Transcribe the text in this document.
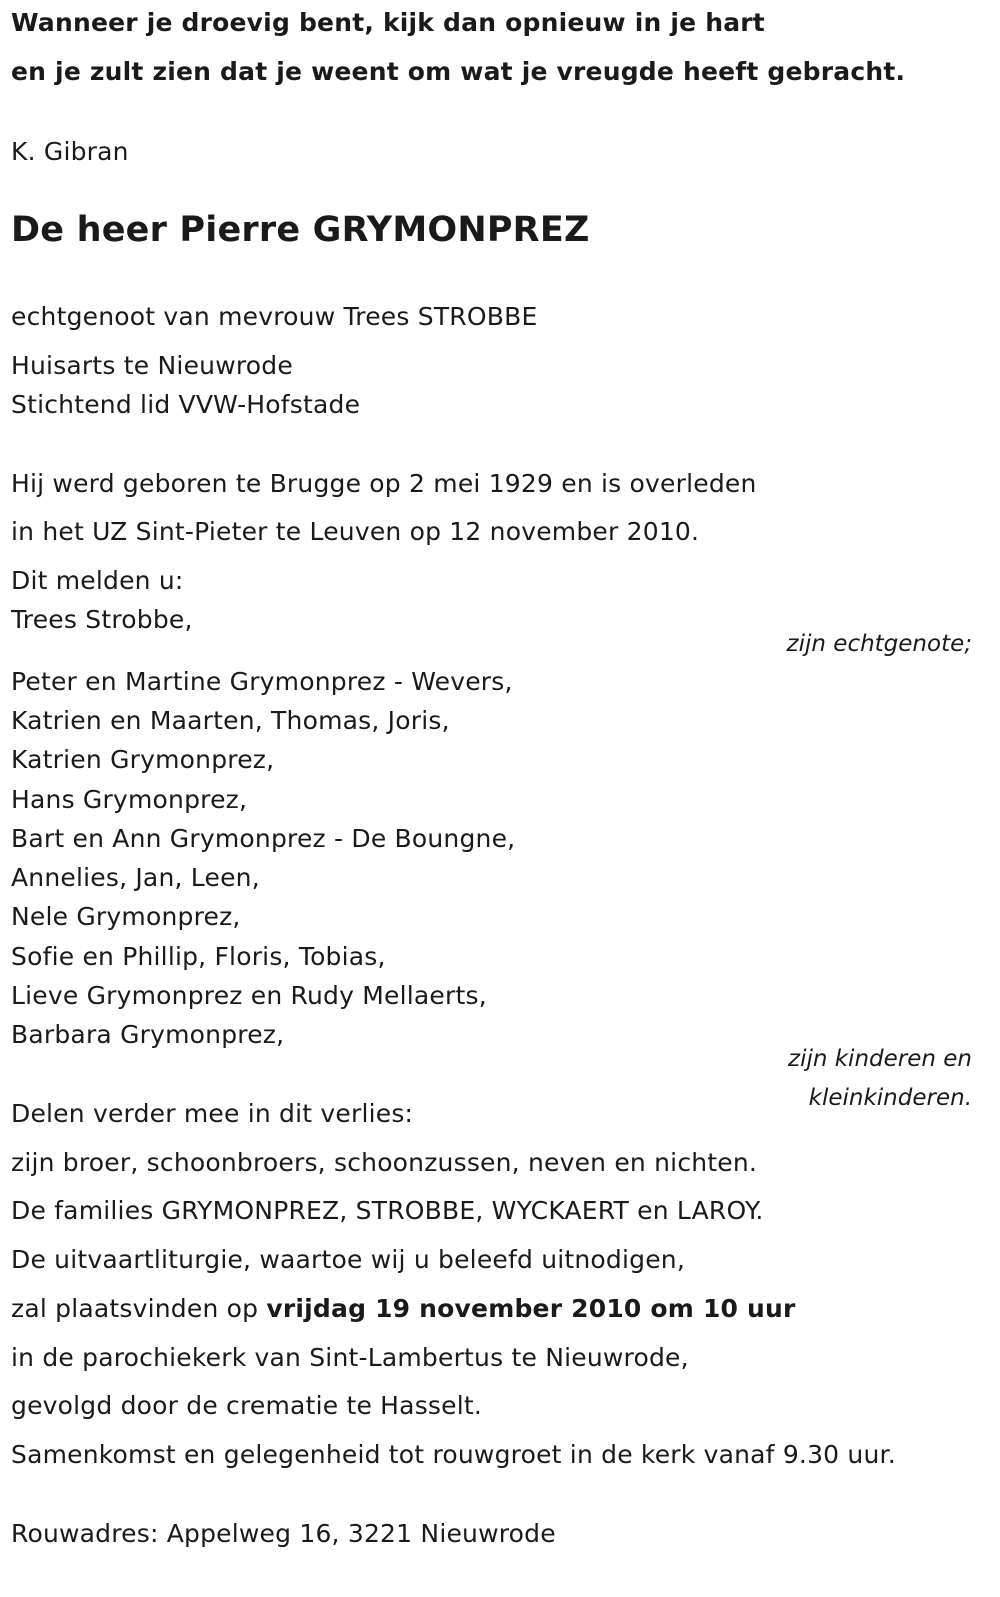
Wanneer je droevig bent, kijk dan opnieuw in je hart
en je zult zien dat je weent om wat je vreugde heeft gebracht.
K. Gibran
De heer Pierre GRYMONPREZ
echtgenoot van mevrouw Trees STROBBE
Huisarts te Nieuwrode
Stichtend lid VVW-Hofstade
Hij werd geboren te Brugge op 2 mei 1929 en is overleden
in het UZ Sint-Pieter te Leuven op 12 november 2010.
Dit melden u:
Trees Strobbe,
zijn echtgenote;
Peter en Martine Grymonprez - Wevers,
Katrien en Maarten, Thomas, Joris,
Katrien Grymonprez,
Hans Grymonprez,
Bart en Ann Grymonprez - De Boungne,
Annelies, Jan, Leen,
Nele Grymonprez,
Sofie en Phillip, Floris, Tobias,
Lieve Grymonprez en Rudy Mellaerts,
Barbara Grymonprez,
zijn kinderen en
kleinkinderen.
Delen verder mee in dit verlies:
zijn broer, schoonbroers, schoonzussen, neven en nichten.
De families GRYMONPREZ, STROBBE, WYCKAERT en LAROY.
De uitvaartliturgie, waartoe wij u beleefd uitnodigen,
zal plaatsvinden op vrijdag 19 november 2010 om 10 uur
in de parochiekerk van Sint-Lambertus te Nieuwrode,
gevolgd door de crematie te Hasselt.
Samenkomst en gelegenheid tot rouwgroet in de kerk vanaf 9.30 uur.
Rouwadres: Appelweg 16, 3221 Nieuwrode
